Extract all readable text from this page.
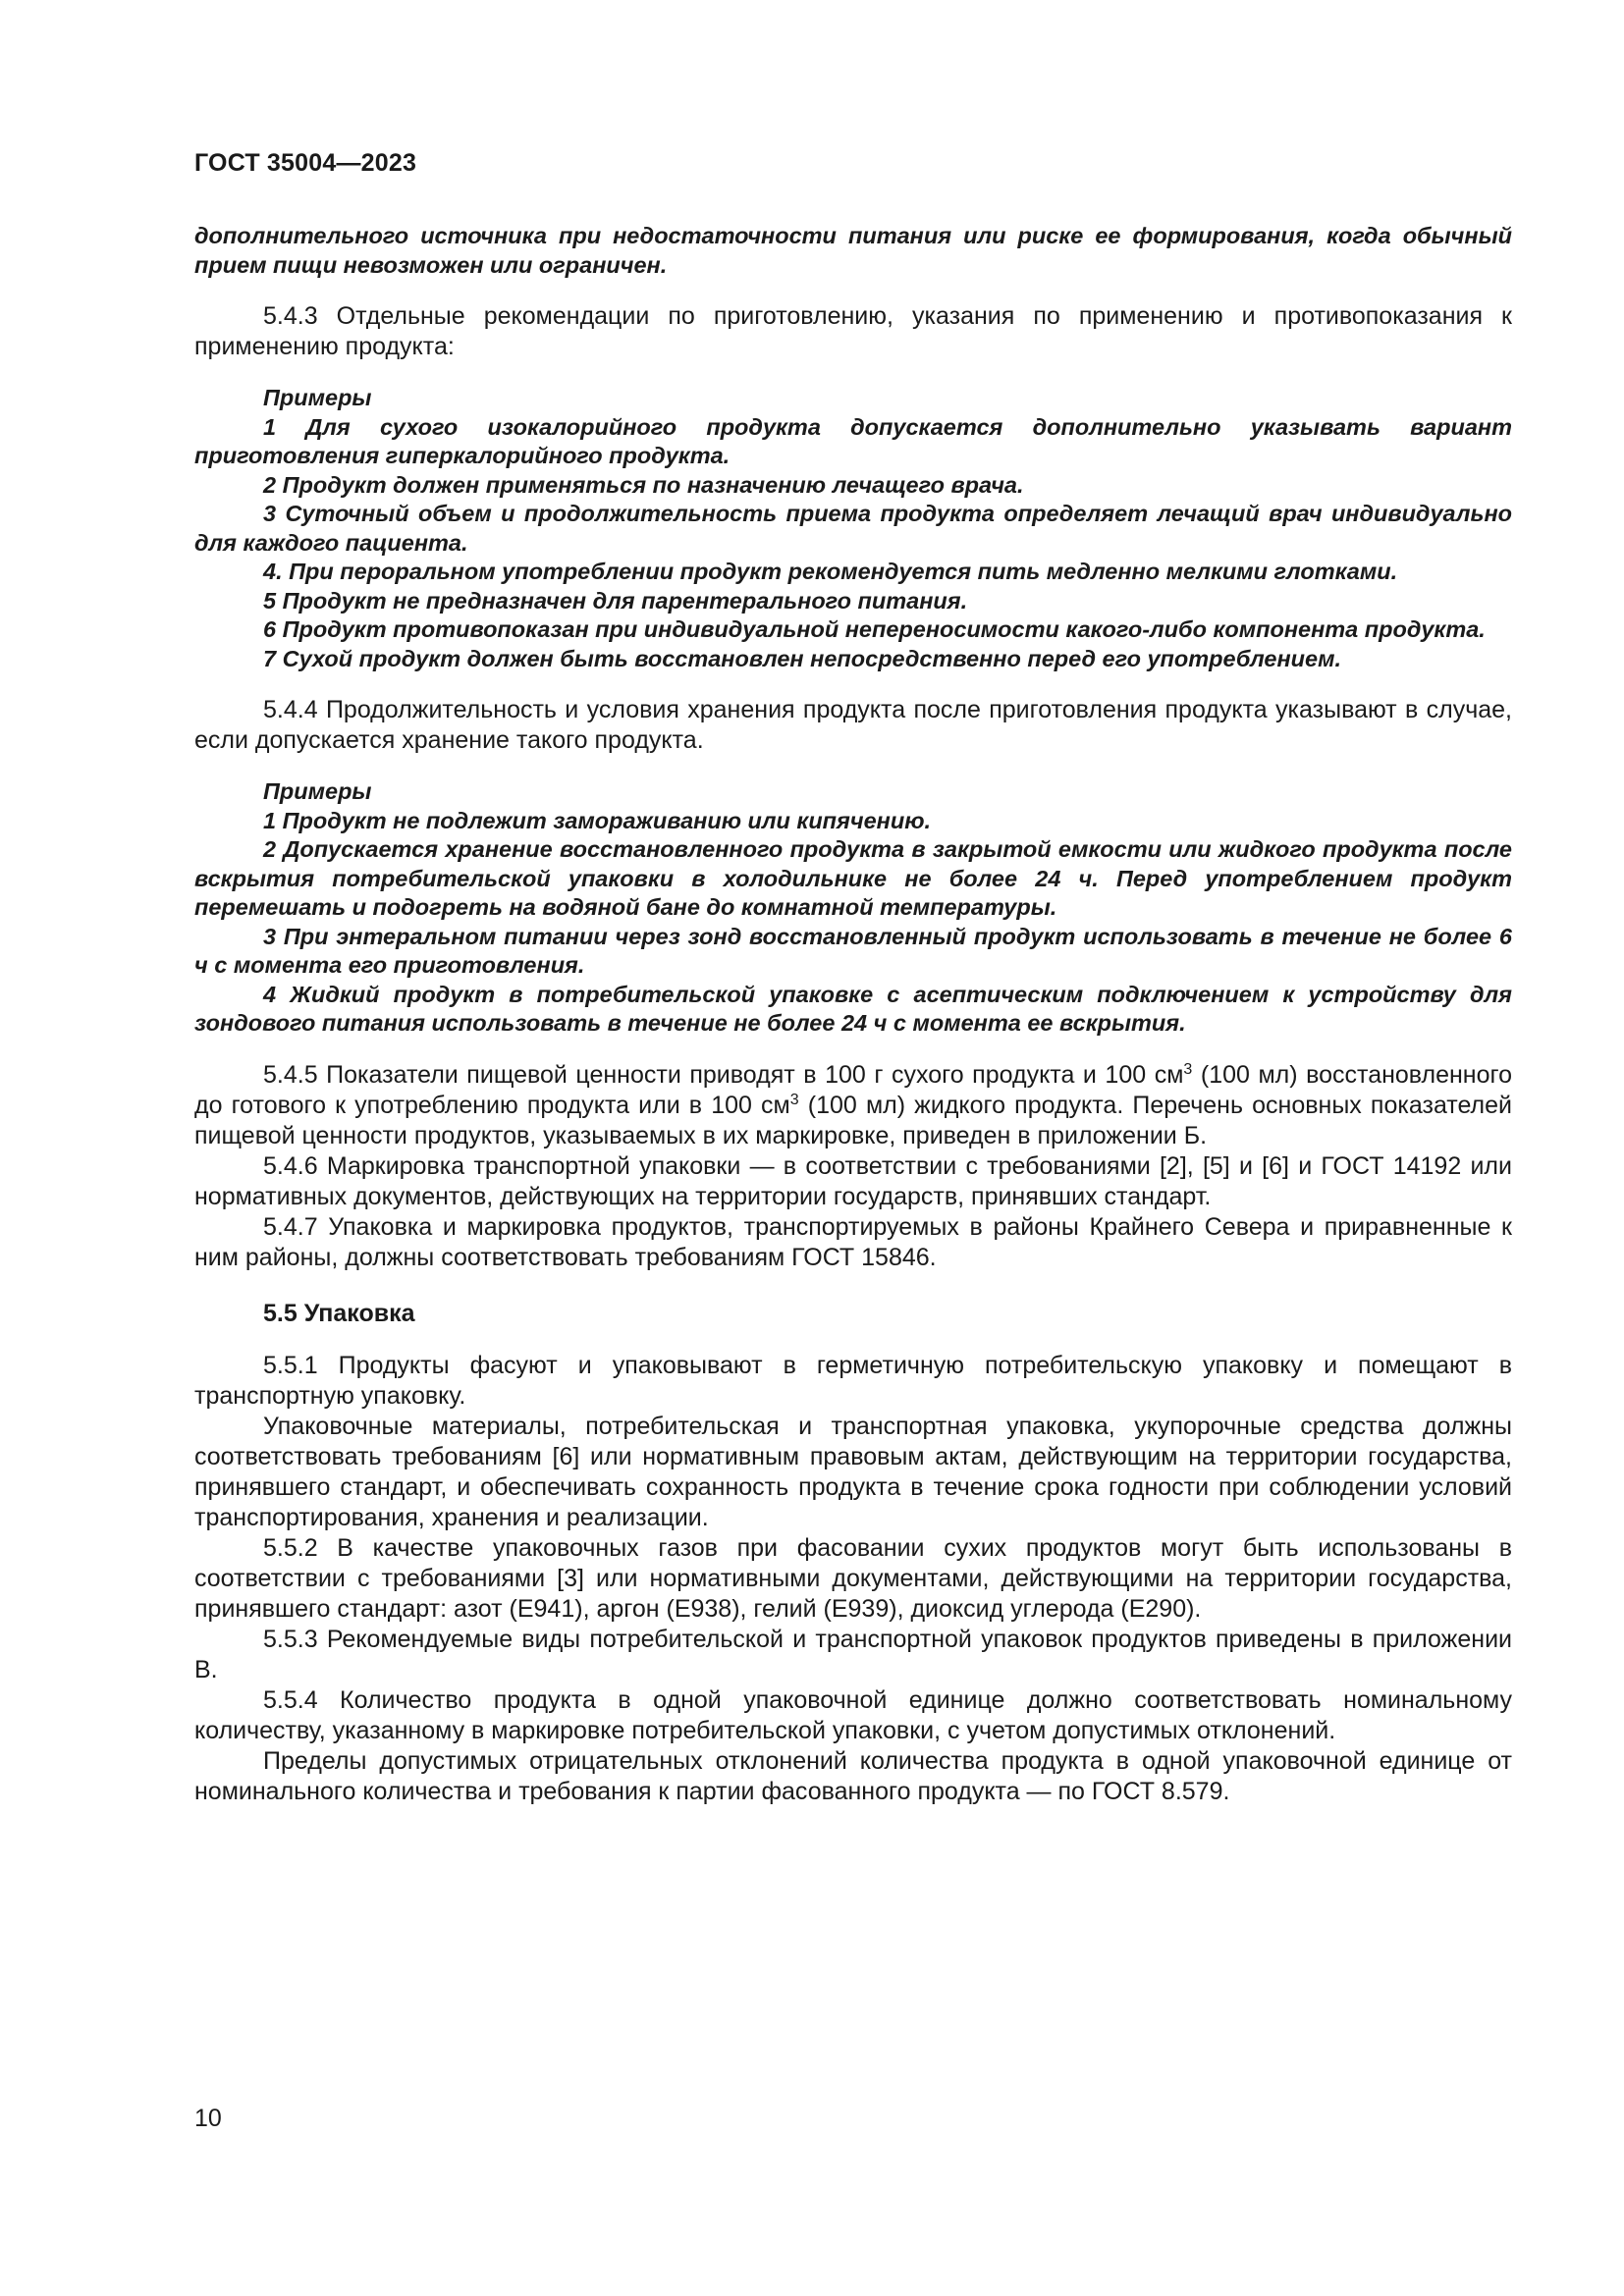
ГОСТ 35004—2023

дополнительного источника при недостаточности питания или риске ее формирования, когда обычный прием пищи невозможен или ограничен.

5.4.3 Отдельные рекомендации по приготовлению, указания по применению и противопоказания к применению продукта:

Примеры

1 Для сухого изокалорийного продукта допускается дополнительно указывать вариант приготовления гиперкалорийного продукта.

2 Продукт должен применяться по назначению лечащего врача.

3 Суточный объем и продолжительность приема продукта определяет лечащий врач индивидуально для каждого пациента.

4. При пероральном употреблении продукт рекомендуется пить медленно мелкими глотками.

5 Продукт не предназначен для парентерального питания.

6 Продукт противопоказан при индивидуальной непереносимости какого-либо компонента продукта.

7 Сухой продукт должен быть восстановлен непосредственно перед его употреблением.

5.4.4 Продолжительность и условия хранения продукта после приготовления продукта указывают в случае, если допускается хранение такого продукта.

Примеры

1 Продукт не подлежит замораживанию или кипячению.

2 Допускается хранение восстановленного продукта в закрытой емкости или жидкого продукта после вскрытия потребительской упаковки в холодильнике не более 24 ч. Перед употреблением продукт перемешать и подогреть на водяной бане до комнатной температуры.

3 При энтеральном питании через зонд восстановленный продукт использовать в течение не более 6 ч с момента его приготовления.

4 Жидкий продукт в потребительской упаковке с асептическим подключением к устройству для зондового питания использовать в течение не более 24 ч с момента ее вскрытия.

5.4.5 Показатели пищевой ценности приводят в 100 г сухого продукта и 100 $см^3$ (100 мл) восстановленного до готового к употреблению продукта или в 100 $см^3$ (100 мл) жидкого продукта. Перечень основных показателей пищевой ценности продуктов, указываемых в их маркировке, приведен в приложении Б.

5.4.6 Маркировка транспортной упаковки — в соответствии с требованиями [2], [5] и [6] и ГОСТ 14192 или нормативных документов, действующих на территории государств, принявших стандарт.

5.4.7 Упаковка и маркировка продуктов, транспортируемых в районы Крайнего Севера и приравненные к ним районы, должны соответствовать требованиям ГОСТ 15846.

5.5 Упаковка

5.5.1 Продукты фасуют и упаковывают в герметичную потребительскую упаковку и помещают в транспортную упаковку.

Упаковочные материалы, потребительская и транспортная упаковка, укупорочные средства должны соответствовать требованиям [6] или нормативным правовым актам, действующим на территории государства, принявшего стандарт, и обеспечивать сохранность продукта в течение срока годности при соблюдении условий транспортирования, хранения и реализации.

5.5.2 В качестве упаковочных газов при фасовании сухих продуктов могут быть использованы в соответствии с требованиями [3] или нормативными документами, действующими на территории государства, принявшего стандарт: азот (E941), аргон (E938), гелий (E939), диоксид углерода (E290).

5.5.3 Рекомендуемые виды потребительской и транспортной упаковок продуктов приведены в приложении В.

5.5.4 Количество продукта в одной упаковочной единице должно соответствовать номинальному количеству, указанному в маркировке потребительской упаковки, с учетом допустимых отклонений.

Пределы допустимых отрицательных отклонений количества продукта в одной упаковочной единице от номинального количества и требования к партии фасованного продукта — по ГОСТ 8.579.

10
